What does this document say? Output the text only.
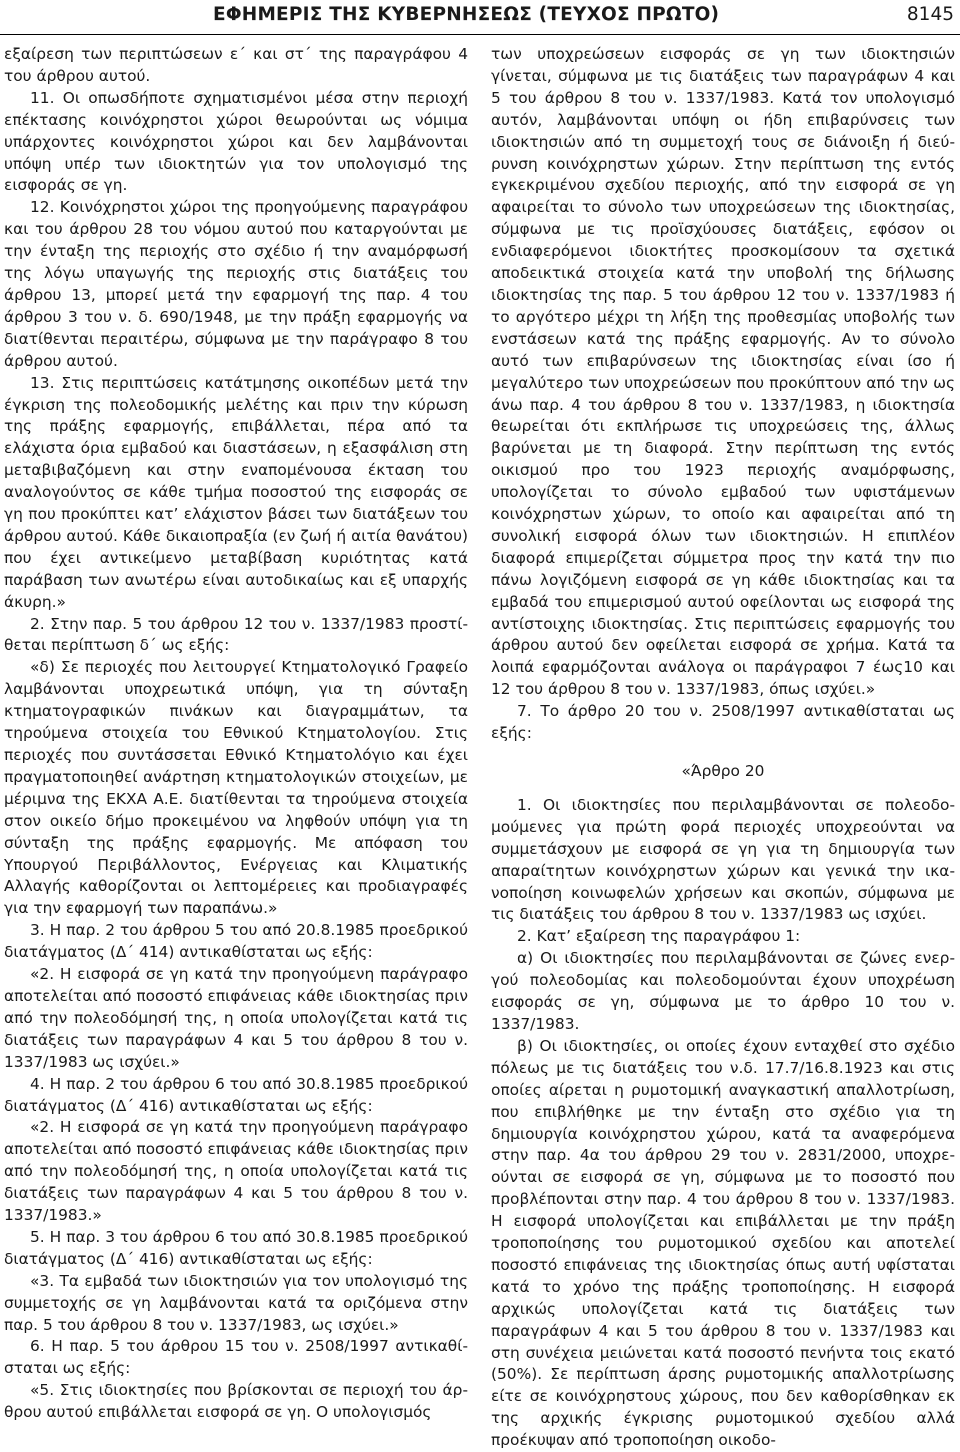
ΕΦΗΜΕΡΙΣ ΤΗΣ ΚΥΒΕΡΝΗΣΕΩΣ (ΤΕΥΧΟΣ ΠΡΩΤΟ)	8145

εξαίρεση των περιπτώσεων ε΄ και στ΄ της παραγράφου 4 του άρθρου αυτού.

11. Οι οπωσδήποτε σχηματισμένοι μέσα στην περιοχή επέκτασης κοινόχρηστοι χώροι θεωρούνται ως νόμιμα υπάρχοντες κοινόχρηστοι χώροι και δεν λαμβάνονται υπόψη υπέρ των ιδιοκτητών για τον υπολογισμό της εισφοράς σε γη.

12. Κοινόχρηστοι χώροι της προηγούμενης παραγράφου και του άρθρου 28 του νόμου αυτού που καταργούνται με την ένταξη της περιοχής στο σχέδιο ή την αναμόρφωσή της λόγω υπαγωγής της περιοχής στις διατάξεις του άρθρου 13, μπορεί μετά την εφαρμογή της παρ. 4 του άρθρου 3 του ν. δ. 690/1948, με την πράξη εφαρμογής να διατίθενται περαιτέρω, σύμφωνα με την παράγραφο 8 του άρθρου αυτού.

13. Στις περιπτώσεις κατάτμησης οικοπέδων μετά την έγκριση της πολεοδομικής μελέτης και πριν την κύρωση της πράξης εφαρμογής, επιβάλλεται, πέρα από τα ελάχιστα όρια εμβαδού και διαστάσεων, η εξασφάλιση στη μεταβιβαζόμενη και στην εναπομένουσα έκταση του αναλογούντος σε κάθε τμήμα ποσοστού της εισφοράς σε γη που προκύπτει κατ’ ελάχιστον βάσει των διατάξεων του άρθρου αυτού. Κάθε δικαιοπραξία (εν ζωή ή αιτία θανάτου) που έχει αντικείμενο μεταβίβαση κυριότητας κατά παράβαση των ανωτέρω είναι αυτοδικαίως και εξ υπαρχής άκυρη.»

2. Στην παρ. 5 του άρθρου 12 του ν. 1337/1983 προστίθεται περίπτωση δ΄ ως εξής:

«δ) Σε περιοχές που λειτουργεί Κτηματολογικό Γραφείο λαμβάνονται υποχρεωτικά υπόψη, για τη σύνταξη κτηματογραφικών πινάκων και διαγραμμάτων, τα τηρούμενα στοιχεία του Εθνικού Κτηματολογίου. Στις περιοχές που συντάσσεται Εθνικό Κτηματολόγιο και έχει πραγματοποιηθεί ανάρτηση κτηματολογικών στοιχείων, με μέριμνα της ΕΚΧΑ Α.Ε. διατίθενται τα τηρούμενα στοιχεία στον οικείο δήμο προκειμένου να ληφθούν υπόψη για τη σύνταξη της πράξης εφαρμογής. Με απόφαση του Υπουργού Περιβάλλοντος, Ενέργειας και Κλιματικής Αλλαγής καθορίζονται οι λεπτομέρειες και προδιαγραφές για την εφαρμογή των παραπάνω.»

3. Η παρ. 2 του άρθρου 5 του από 20.8.1985 προεδρικού διατάγματος (Δ΄ 414) αντικαθίσταται ως εξής:

«2. Η εισφορά σε γη κατά την προηγούμενη παράγραφο αποτελείται από ποσοστό επιφάνειας κάθε ιδιοκτησίας πριν από την πολεοδόμησή της, η οποία υπολογίζεται κατά τις διατάξεις των παραγράφων 4 και 5 του άρθρου 8 του ν. 1337/1983 ως ισχύει.»

4. Η παρ. 2 του άρθρου 6 του από 30.8.1985 προεδρικού διατάγματος (Δ΄ 416) αντικαθίσταται ως εξής:

«2. Η εισφορά σε γη κατά την προηγούμενη παράγραφο αποτελείται από ποσοστό επιφάνειας κάθε ιδιοκτησίας πριν από την πολεοδόμησή της, η οποία υπολογίζεται κατά τις διατάξεις των παραγράφων 4 και 5 του άρθρου 8 του ν. 1337/1983.»

5. Η παρ. 3 του άρθρου 6 του από 30.8.1985 προεδρικού διατάγματος (Δ΄ 416) αντικαθίσταται ως εξής:

«3. Τα εμβαδά των ιδιοκτησιών για τον υπολογισμό της συμμετοχής σε γη λαμβάνονται κατά τα οριζόμενα στην παρ. 5 του άρθρου 8 του ν. 1337/1983, ως ισχύει.»

6. Η παρ. 5 του άρθρου 15 του ν. 2508/1997 αντικαθίσταται ως εξής:

«5. Στις ιδιοκτησίες που βρίσκονται σε περιοχή του άρθρου αυτού επιβάλλεται εισφορά σε γη. Ο υπολογισμός

των υποχρεώσεων εισφοράς σε γη των ιδιοκτησιών γίνεται, σύμφωνα με τις διατάξεις των παραγράφων 4 και 5 του άρθρου 8 του ν. 1337/1983. Κατά τον υπολογισμό αυτόν, λαμβάνονται υπόψη οι ήδη επιβαρύνσεις των ιδιοκτησιών από τη συμμετοχή τους σε διάνοιξη ή διεύρυνση κοινόχρηστων χώρων. Στην περίπτωση της εντός εγκεκριμένου σχεδίου περιοχής, από την εισφορά σε γη αφαιρείται το σύνολο των υποχρεώσεων της ιδιοκτησίας, σύμφωνα με τις προϊσχύουσες διατάξεις, εφόσον οι ενδιαφερόμενοι ιδιοκτήτες προσκομίσουν τα σχετικά αποδεικτικά στοιχεία κατά την υποβολή της δήλωσης ιδιοκτησίας της παρ. 5 του άρθρου 12 του ν. 1337/1983 ή το αργότερο μέχρι τη λήξη της προθεσμίας υποβολής των ενστάσεων κατά της πράξης εφαρμογής. Αν το σύνολο αυτό των επιβαρύνσεων της ιδιοκτησίας είναι ίσο ή μεγαλύτερο των υποχρεώσεων που προκύπτουν από την ως άνω παρ. 4 του άρθρου 8 του ν. 1337/1983, η ιδιοκτησία θεωρείται ότι εκπλήρωσε τις υποχρεώσεις της, άλλως βαρύνεται με τη διαφορά. Στην περίπτωση της εντός οικισμού προ του 1923 περιοχής αναμόρφωσης, υπολογίζεται το σύνολο εμβαδού των υφιστάμενων κοινόχρηστων χώρων, το οποίο και αφαιρείται από τη συνολική εισφορά όλων των ιδιοκτησιών. Η επιπλέον διαφορά επιμερίζεται σύμμετρα προς την κατά την πιο πάνω λογιζόμενη εισφορά σε γη κάθε ιδιοκτησίας και τα εμβαδά του επιμερισμού αυτού οφείλονται ως εισφορά της αντίστοιχης ιδιοκτησίας. Στις περιπτώσεις εφαρμογής του άρθρου αυτού δεν οφείλεται εισφορά σε χρήμα. Κατά τα λοιπά εφαρμόζονται ανάλογα οι παράγραφοι 7 έως10 και 12 του άρθρου 8 του ν. 1337/1983, όπως ισχύει.»

7. Το άρθρο 20 του ν. 2508/1997 αντικαθίσταται ως εξής:

«Άρθρο 20

1. Οι ιδιοκτησίες που περιλαμβάνονται σε πολεοδομούμενες για πρώτη φορά περιοχές υποχρεούνται να συμμετάσχουν με εισφορά σε γη για τη δημιουργία των απαραίτητων κοινόχρηστων χώρων και γενικά την ικανοποίηση κοινωφελών χρήσεων και σκοπών, σύμφωνα με τις διατάξεις του άρθρου 8 του ν. 1337/1983 ως ισχύει.

2. Κατ’ εξαίρεση της παραγράφου 1:

α) Οι ιδιοκτησίες που περιλαμβάνονται σε ζώνες ενεργού πολεοδομίας και πολεοδομούνται έχουν υποχρέωση εισφοράς σε γη, σύμφωνα με το άρθρο 10 του ν. 1337/1983.

β) Οι ιδιοκτησίες, οι οποίες έχουν ενταχθεί στο σχέδιο πόλεως με τις διατάξεις του ν.δ. 17.7/16.8.1923 και στις οποίες αίρεται η ρυμοτομική αναγκαστική απαλλοτρίωση, που επιβλήθηκε με την ένταξη στο σχέδιο για τη δημιουργία κοινόχρηστου χώρου, κατά τα αναφερόμενα στην παρ. 4α του άρθρου 29 του ν. 2831/2000, υποχρεούνται σε εισφορά σε γη, σύμφωνα με το ποσοστό που προβλέπονται στην παρ. 4 του άρθρου 8 του ν. 1337/1983. Η εισφορά υπολογίζεται και επιβάλλεται με την πράξη τροποποίησης του ρυμοτομικού σχεδίου και αποτελεί ποσοστό επιφάνειας της ιδιοκτησίας όπως αυτή υφίσταται κατά το χρόνο της πράξης τροποποίησης. Η εισφορά αρχικώς υπολογίζεται κατά τις διατάξεις των παραγράφων 4 και 5 του άρθρου 8 του ν. 1337/1983 και στη συνέχεια μειώνεται κατά ποσοστό πενήντα τοις εκατό (50%). Σε περίπτωση άρσης ρυμοτομικής απαλλοτρίωσης είτε σε κοινόχρηστους χώρους, που δεν καθορίσθηκαν εκ της αρχικής έγκρισης ρυμοτομικού σχεδίου αλλά προέκυψαν από τροποποίηση οικοδο-
